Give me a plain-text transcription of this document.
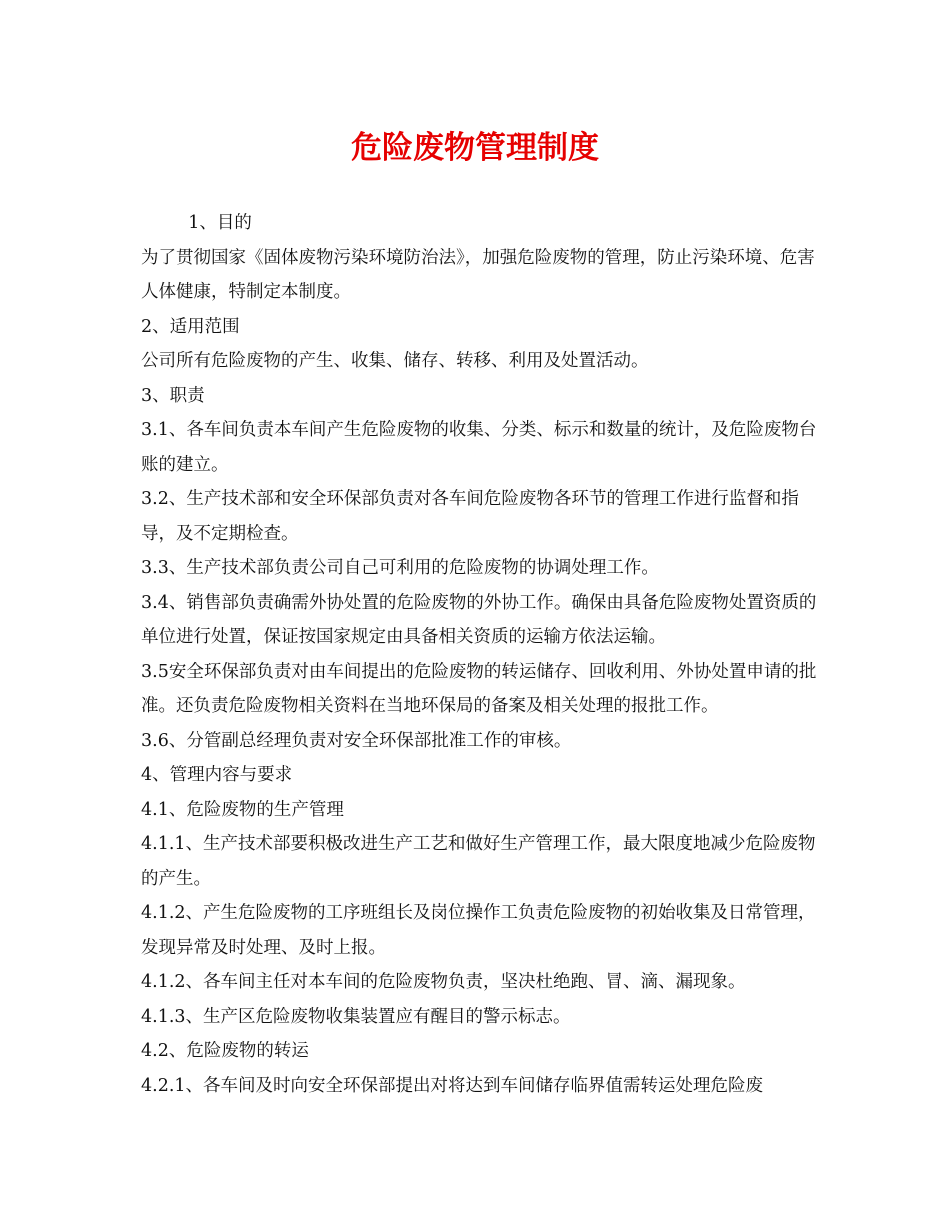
危险废物管理制度

1、目的

为了贯彻国家《固体废物污染环境防治法》，加强危险废物的管理，防止污染环境、危害人体健康，特制定本制度。

2、适用范围

公司所有危险废物的产生、收集、储存、转移、利用及处置活动。

3、职责

3.1、各车间负责本车间产生危险废物的收集、分类、标示和数量的统计，及危险废物台账的建立。

3.2、生产技术部和安全环保部负责对各车间危险废物各环节的管理工作进行监督和指导，及不定期检查。

3.3、生产技术部负责公司自己可利用的危险废物的协调处理工作。

3.4、销售部负责确需外协处置的危险废物的外协工作。确保由具备危险废物处置资质的单位进行处置，保证按国家规定由具备相关资质的运输方依法运输。

3.5安全环保部负责对由车间提出的危险废物的转运储存、回收利用、外协处置申请的批准。还负责危险废物相关资料在当地环保局的备案及相关处理的报批工作。

3.6、分管副总经理负责对安全环保部批准工作的审核。

4、管理内容与要求

4.1、危险废物的生产管理

4.1.1、生产技术部要积极改进生产工艺和做好生产管理工作，最大限度地减少危险废物的产生。

4.1.2、产生危险废物的工序班组长及岗位操作工负责危险废物的初始收集及日常管理，发现异常及时处理、及时上报。

4.1.2、各车间主任对本车间的危险废物负责，坚决杜绝跑、冒、滴、漏现象。

4.1.3、生产区危险废物收集装置应有醒目的警示标志。

4.2、危险废物的转运

4.2.1、各车间及时向安全环保部提出对将达到车间储存临界值需转运处理危险废
